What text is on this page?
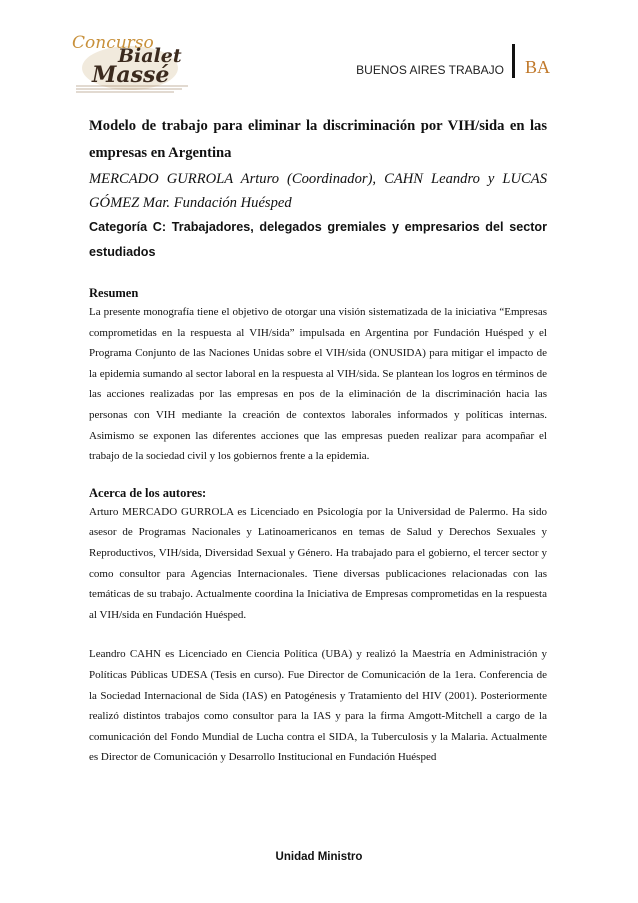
Concurso
Bialet
Massé	BUENOS AIRES TRABAJO BA

Modelo de trabajo para eliminar la discriminación por VIH/sida en las empresas en Argentina

MERCADO GURROLA Arturo (Coordinador), CAHN Leandro y LUCAS
GÓMEZ Mar. Fundación Huésped

Categoría C: Trabajadores, delegados gremiales y empresarios del sector estudiados

Resumen

La presente monografía tiene el objetivo de otorgar una visión sistematizada de la iniciativa “Empresas comprometidas en la respuesta al VIH/sida” impulsada en Argentina por Fundación Huésped y el Programa Conjunto de las Naciones Unidas sobre el VIH/sida (ONUSIDA) para mitigar el impacto de la epidemia sumando al sector laboral en la respuesta al VIH/sida. Se plantean los logros en términos de las acciones realizadas por las empresas en pos de la eliminación de la discriminación hacia las personas con VIH mediante la creación de contextos laborales informados y políticas internas. Asimismo se exponen las diferentes acciones que las empresas pueden realizar para acompañar el trabajo de la sociedad civil y los gobiernos frente a la epidemia.

Acerca de los autores:

Arturo MERCADO GURROLA es Licenciado en Psicología por la Universidad de Palermo. Ha sido asesor de Programas Nacionales y Latinoamericanos en temas de Salud y Derechos Sexuales y Reproductivos, VIH/sida, Diversidad Sexual y Género. Ha trabajado para el gobierno, el tercer sector y como consultor para Agencias Internacionales. Tiene diversas publicaciones relacionadas con las temáticas de su trabajo. Actualmente coordina la Iniciativa de Empresas comprometidas en la respuesta al VIH/sida en Fundación Huésped.

Leandro CAHN es Licenciado en Ciencia Política (UBA) y realizó la Maestría en Administración y Políticas Públicas UDESA (Tesis en curso). Fue Director de Comunicación de la 1era. Conferencia de la Sociedad Internacional de Sida (IAS) en Patogénesis y Tratamiento del HIV (2001). Posteriormente realizó distintos trabajos como consultor para la IAS y para la firma Amgott-Mitchell a cargo de la comunicación del Fondo Mundial de Lucha contra el SIDA, la Tuberculosis y la Malaria. Actualmente es Director de Comunicación y Desarrollo Institucional en Fundación Huésped

Unidad Ministro
